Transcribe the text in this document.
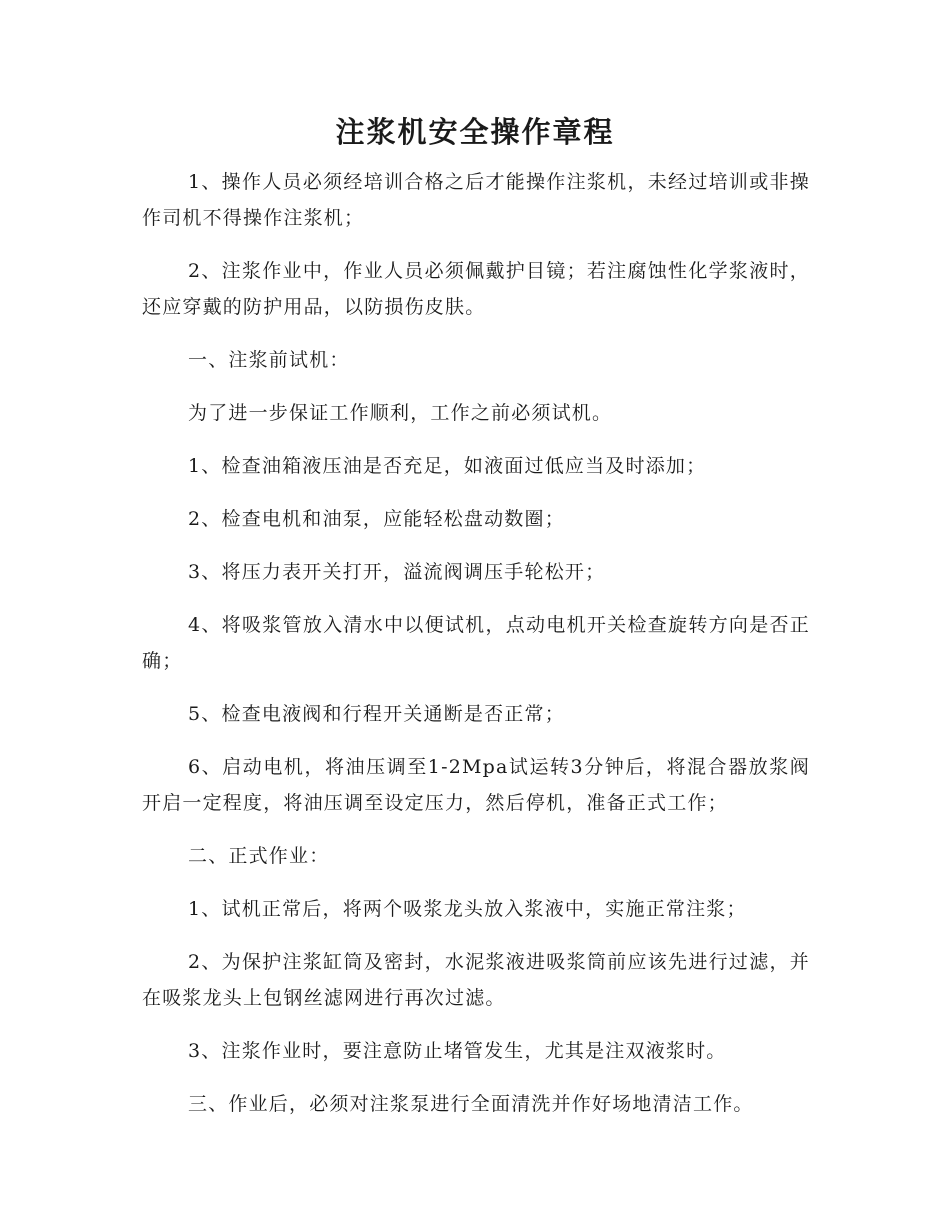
注浆机安全操作章程

1、操作人员必须经培训合格之后才能操作注浆机，未经过培训或非操作司机不得操作注浆机；

2、注浆作业中，作业人员必须佩戴护目镜；若注腐蚀性化学浆液时，还应穿戴的防护用品，以防损伤皮肤。

一、注浆前试机：

为了进一步保证工作顺利，工作之前必须试机。

1、检查油箱液压油是否充足，如液面过低应当及时添加；

2、检查电机和油泵，应能轻松盘动数圈；

3、将压力表开关打开，溢流阀调压手轮松开；

4、将吸浆管放入清水中以便试机，点动电机开关检查旋转方向是否正确；

5、检查电液阀和行程开关通断是否正常；

6、启动电机，将油压调至1-2Mpa试运转3分钟后，将混合器放浆阀开启一定程度，将油压调至设定压力，然后停机，准备正式工作；

二、正式作业：

1、试机正常后，将两个吸浆龙头放入浆液中，实施正常注浆；

2、为保护注浆缸筒及密封，水泥浆液进吸浆筒前应该先进行过滤，并在吸浆龙头上包钢丝滤网进行再次过滤。

3、注浆作业时，要注意防止堵管发生，尤其是注双液浆时。

三、作业后，必须对注浆泵进行全面清洗并作好场地清洁工作。
